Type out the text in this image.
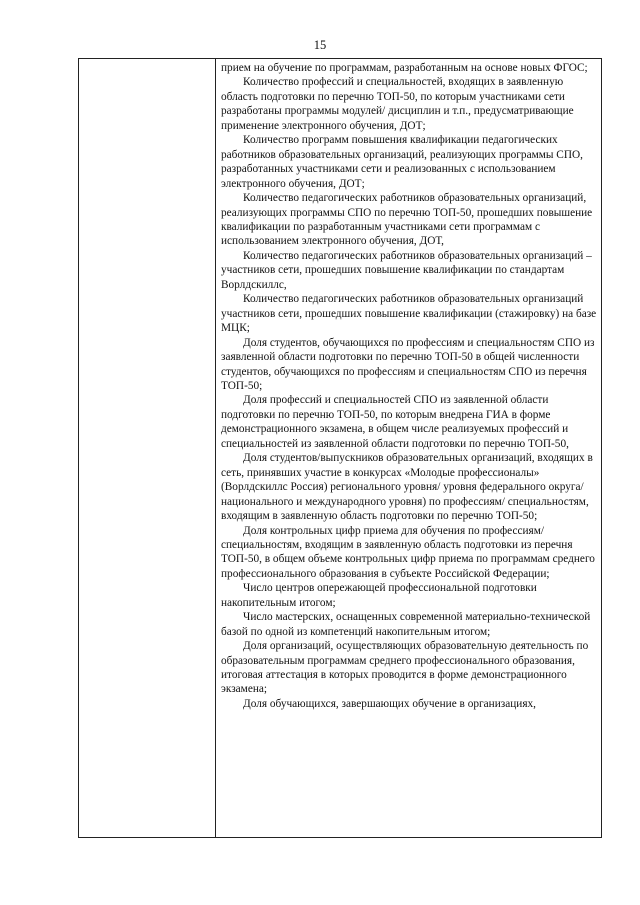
15

прием на обучение по программам, разработанным на основе новых ФГОС;

Количество профессий и специальностей, входящих в заявленную область подготовки по перечню ТОП-50, по которым участниками сети разработаны программы модулей/ дисциплин и т.п., предусматривающие применение электронного обучения, ДОТ;

Количество программ повышения квалификации педагогических работников образовательных организаций, реализующих программы СПО, разработанных участниками сети и реализованных с использованием электронного обучения, ДОТ;

Количество педагогических работников образовательных организаций, реализующих программы СПО по перечню ТОП-50, прошедших повышение квалификации по разработанным участниками сети программам с использованием электронного обучения, ДОТ,

Количество педагогических работников образовательных организаций –участников сети, прошедших повышение квалификации по стандартам Ворлдскиллс,

Количество педагогических работников образовательных организаций участников сети, прошедших повышение квалификации (стажировку) на базе МЦК;

Доля студентов, обучающихся по профессиям и специальностям СПО из заявленной области подготовки по перечню ТОП-50 в общей численности студентов, обучающихся по профессиям и специальностям СПО из перечня ТОП-50;

Доля профессий и специальностей СПО из заявленной области подготовки по перечню ТОП-50, по которым внедрена ГИА в форме демонстрационного экзамена, в общем числе реализуемых профессий и специальностей из заявленной области подготовки по перечню ТОП-50,

Доля студентов/выпускников образовательных организаций, входящих в сеть, принявших участие в конкурсах «Молодые профессионалы» (Ворлдскиллс Россия) регионального уровня/ уровня федерального округа/ национального и международного уровня) по профессиям/ специальностям, входящим в заявленную область подготовки по перечню ТОП-50;

Доля контрольных цифр приема для обучения по профессиям/ специальностям, входящим в заявленную область подготовки из перечня ТОП-50, в общем объеме контрольных цифр приема по программам среднего профессионального образования в субъекте Российской Федерации;

Число центров опережающей профессиональной подготовки накопительным итогом;

Число мастерских, оснащенных современной материально-технической базой по одной из компетенций накопительным итогом;

Доля организаций, осуществляющих образовательную деятельность по образовательным программам среднего профессионального образования, итоговая аттестация в которых проводится в форме демонстрационного экзамена;

Доля обучающихся, завершающих обучение в организациях,
